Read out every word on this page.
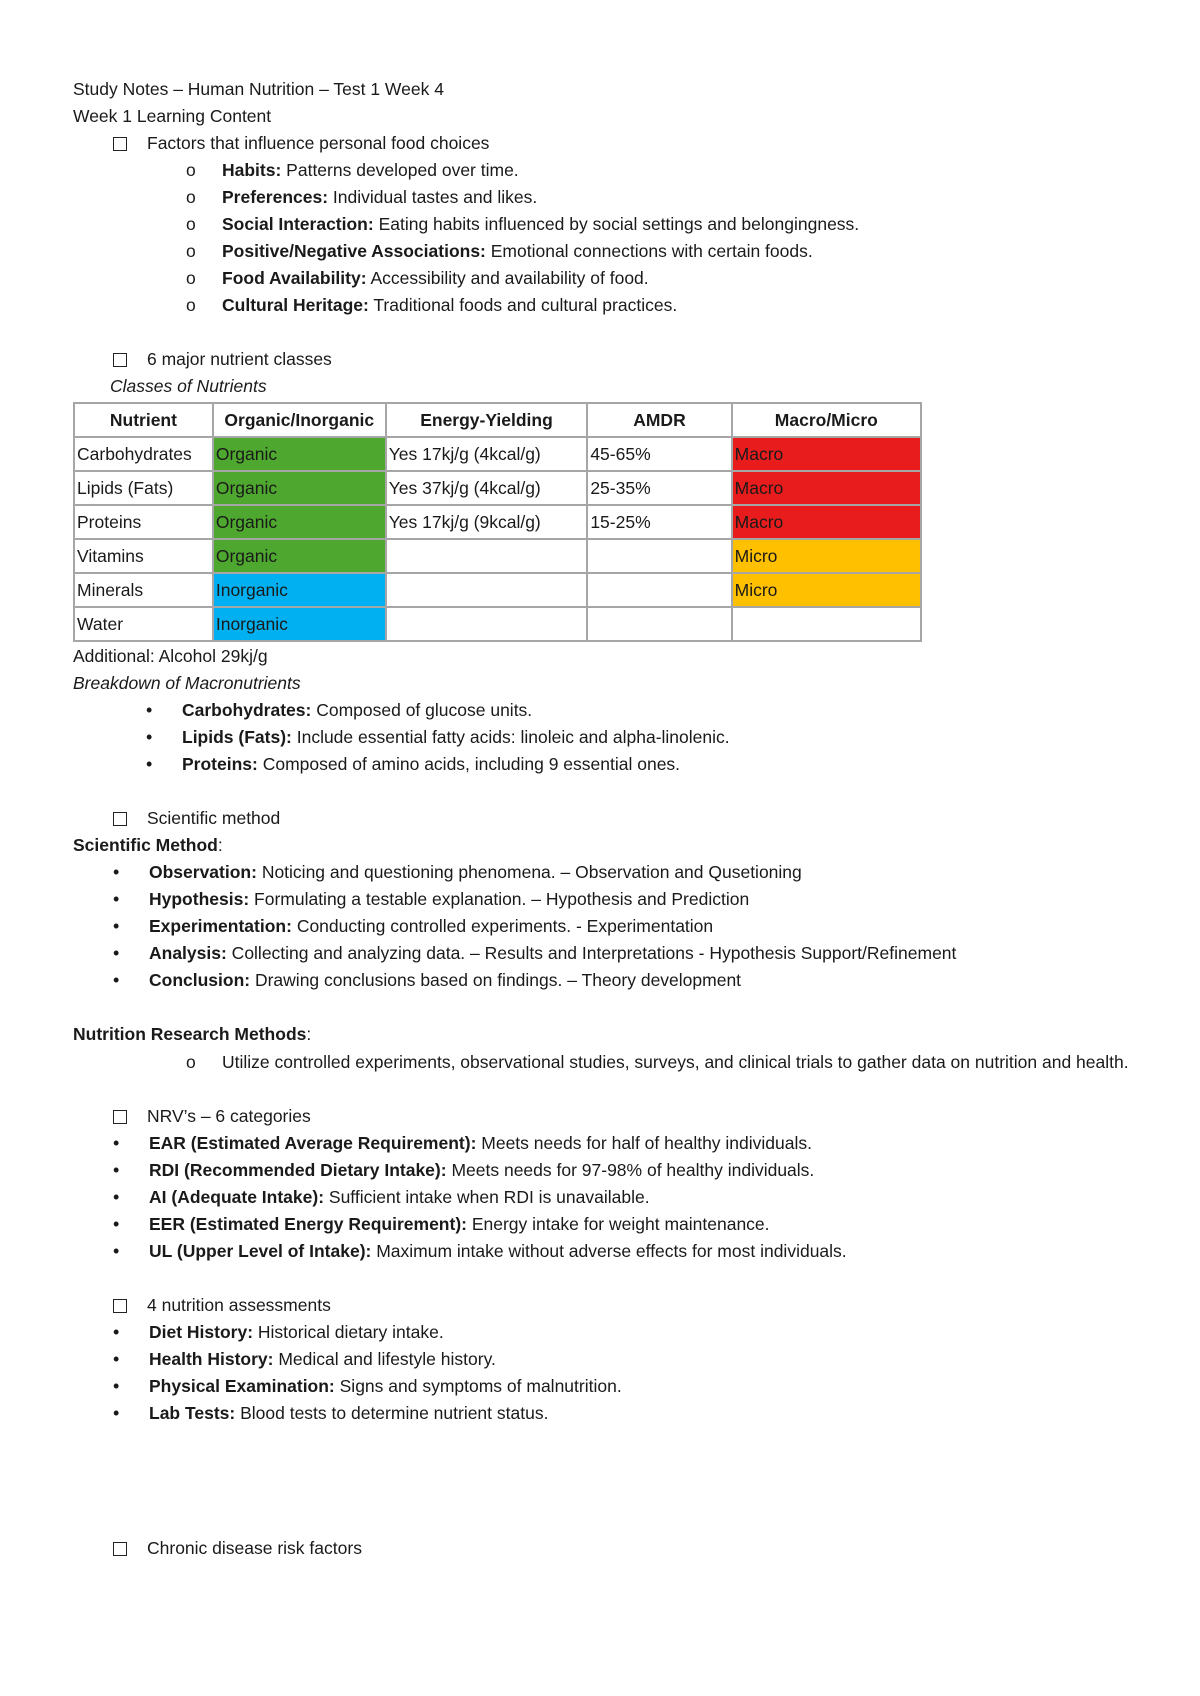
Study Notes – Human Nutrition – Test 1 Week 4
Week 1 Learning Content
Factors that influence personal food choices
o Habits: Patterns developed over time.
o Preferences: Individual tastes and likes.
o Social Interaction: Eating habits influenced by social settings and belongingness.
o Positive/Negative Associations: Emotional connections with certain foods.
o Food Availability: Accessibility and availability of food.
o Cultural Heritage: Traditional foods and cultural practices.
6 major nutrient classes
Classes of Nutrients
Nutrient	Organic/Inorganic	Energy-Yielding	AMDR	Macro/Micro
Carbohydrates	Organic	Yes 17kj/g (4kcal/g)	45-65%	Macro
Lipids (Fats)	Organic	Yes 37kj/g (4kcal/g)	25-35%	Macro
Proteins	Organic	Yes 17kj/g (9kcal/g)	15-25%	Macro
Vitamins	Organic			Micro
Minerals	Inorganic			Micro
Water	Inorganic			
Additional: Alcohol 29kj/g
Breakdown of Macronutrients
• Carbohydrates: Composed of glucose units.
• Lipids (Fats): Include essential fatty acids: linoleic and alpha-linolenic.
• Proteins: Composed of amino acids, including 9 essential ones.
Scientific method
Scientific Method:
• Observation: Noticing and questioning phenomena. – Observation and Qusetioning
• Hypothesis: Formulating a testable explanation. – Hypothesis and Prediction
• Experimentation: Conducting controlled experiments. - Experimentation
• Analysis: Collecting and analyzing data. – Results and Interpretations - Hypothesis Support/Refinement
• Conclusion: Drawing conclusions based on findings. – Theory development
Nutrition Research Methods:
o	Utilize controlled experiments, observational studies, surveys, and clinical trials to gather data on nutrition and health.
NRV’s – 6 categories
• EAR (Estimated Average Requirement): Meets needs for half of healthy individuals.
• RDI (Recommended Dietary Intake): Meets needs for 97-98% of healthy individuals.
• AI (Adequate Intake): Sufficient intake when RDI is unavailable.
• EER (Estimated Energy Requirement): Energy intake for weight maintenance.
• UL (Upper Level of Intake): Maximum intake without adverse effects for most individuals.
4 nutrition assessments
• Diet History: Historical dietary intake.
• Health History: Medical and lifestyle history.
• Physical Examination: Signs and symptoms of malnutrition.
• Lab Tests: Blood tests to determine nutrient status.
Chronic disease risk factors
